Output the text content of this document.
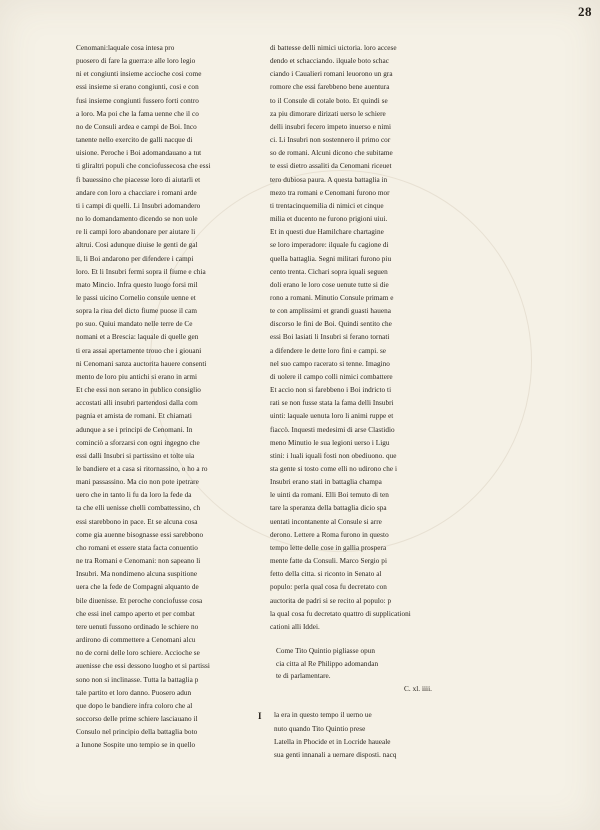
28
Cenomani:laquale cosa intesa pro
puosero di fare la guerra:e alle loro legio
ni et congiunti insieme accioche cosi come
essi insieme si erano congiunti, cosi e con
fusi insieme congiunti fussero forti contro
a loro. Ma poi che la fama uenne che il co
no de Consuli ardea e campi de Boi. Inco
tanente nello exercito de galli nacque di
uisione. Peroche i Boi adomandauano a tut
ti gliraltri populi che conciofussecosa che essi
fi bauessino che piacesse loro di aiutarli et
andare con loro a chacciare i romani arde
ti i campi di quelli. Li Insubri adomandero
no lo domandamento dicendo se non uole
re li campi loro abandonare per aiutare li
altrui. Cosi adunque diuise le genti de gal
li, li Boi andarono per difendere i campi
loro. Et li Insubri fermi sopra il fiume e chia
mato Mincio. Infra questo luogo forsi mil
le passi uicino Cornelio consule uenne et
sopra la riua del dicto fiume puose il cam
po suo. Quiui mandato nelle terre de Ce
nomani et a Brescia: laquale di quelle gen
ti era assai apertamente trouo che i giouani
ni Cenomani sanza auctorita hauere consenti
mento de loro piu antichi si erano in armi
Et che essi non serano in publico consiglio
accostati alli insubri partendosi dalla com
pagnia et amista de romani. Et chiamati
adunque a se i principi de Cenomani. In
cominciò a sforzarsi con ogni ingegno che
essi dalli Insubri si partissino et tolte uia
le bandiere et a casa si ritornassino, o ho a ro
mani passassino. Ma cio non pote ipetrare
uero che in tanto li fu da loro la fede da
ta che elli uenisse chelli combattessino, ch
essi starebbono in pace. Et se alcuna cosa
come gia auenne bisognasse essi sarebbono
cho romani et essere stata facta conuentio
ne tra Romani e Cenomani: non sapeano li
Insubri. Ma nondimeno alcuna suspitione
uera che la fede de Compagni alquanto de
bile diuenisse. Et peroche conciofusse cosa
che essi inel campo aperto et per combat
tere uenuti fussono ordinado le schiere no
ardirono di commettere a Cenomani alcu
no de corni delle loro schiere. Accioche se
auenisse che essi dessono luogho et si partissi
sono non si inclinasse. Tutta la battaglia p
tale partito et loro danno. Puosero adun
que dopo le bandiere infra coloro che al
soccorso delle prime schiere lasciauano il
Consulo nel principio della battaglia boto
a Iunone Sospite uno tempio se in quello
di battesse delli nimici uictoria. loro accese
dendo et schacciando. ilquale boto schac
ciando i Caualieri romani leuorono un gra
romore che essi farebbeno bene auentura
to il Consule di cotale boto. Et quindi se
za piu dimorare dirizati uerso le schiere
delli insubri fecero impeto inuerso e nimi
ci. Li Insubri non sostennero il primo cor
so de romani. Alcuni dicono che subitame
te essi dietro assaliti da Cenomani riceuet
tero dubiosa paura. A questa battaglia in
mezo tra romani e Cenomani furono mor
ti trentacinquemilia di nimici et cinque
milia et ducento ne furono prigioni uiui.
Et in questi due Hamilchare chartagine
se loro imperadore: ilquale fu cagione di
quella battaglia. Segni militari furono piu
cento trenta. Cichari sopra iquali seguen
doli erano le loro cose uenute tutte si die
rono a romani. Minutio Consule primam e
te con amplissimi et grandi guasti hauena
discorso le fini de Boi. Quindi sentito che
essi Boi lasiati li Insubri si ferano tornati
a difendere le dette loro fini e campi. se
nel suo campo racerato si tenne. Imagino
di uolere il campo colli nimici combattere
Et accio non si farebbeno i Boi indricto ti
rati se non fusse stata la fama delli Insubri
uinti: laquale uenuta loro li animi ruppe et
fiaccò. Inquesti medesimi di arse Clastidio
meno Minutio le sua legioni uerso i Ligu
stini: i luali iquali fosti non obediuono. que
sta gente si tosto come elli no udirono che i
Insubri erano stati in battaglia champa
le uinti da romani. Elli Boi temuto di ten
tare la speranza della battaglia dicio spa
uentati incontanente al Consule si arre
derono. Lettere a Roma furono in questo
tempo lette delle cose in gallia prospera
mente fatte da Consuli. Marco Sergio pi
fetto della citta. si riconto in Senato al
populo: perla qual cosa fu decretato con
auctorita de padri si se recito al populo: p
la qual cosa fu decretato quattro di supplicationi
cationi alli Iddei.
Come Tito Quintio pigliasse opun
cia citta al Re Philippo adomandan
te di parlamentare.
C. xl. iiii.
I	la era in questo tempo il uerno ue
nuto quando Tito Quintio prese
Latella in Phocide et in Locride haueale
sua genti innanali a uernare disposti. nacq
